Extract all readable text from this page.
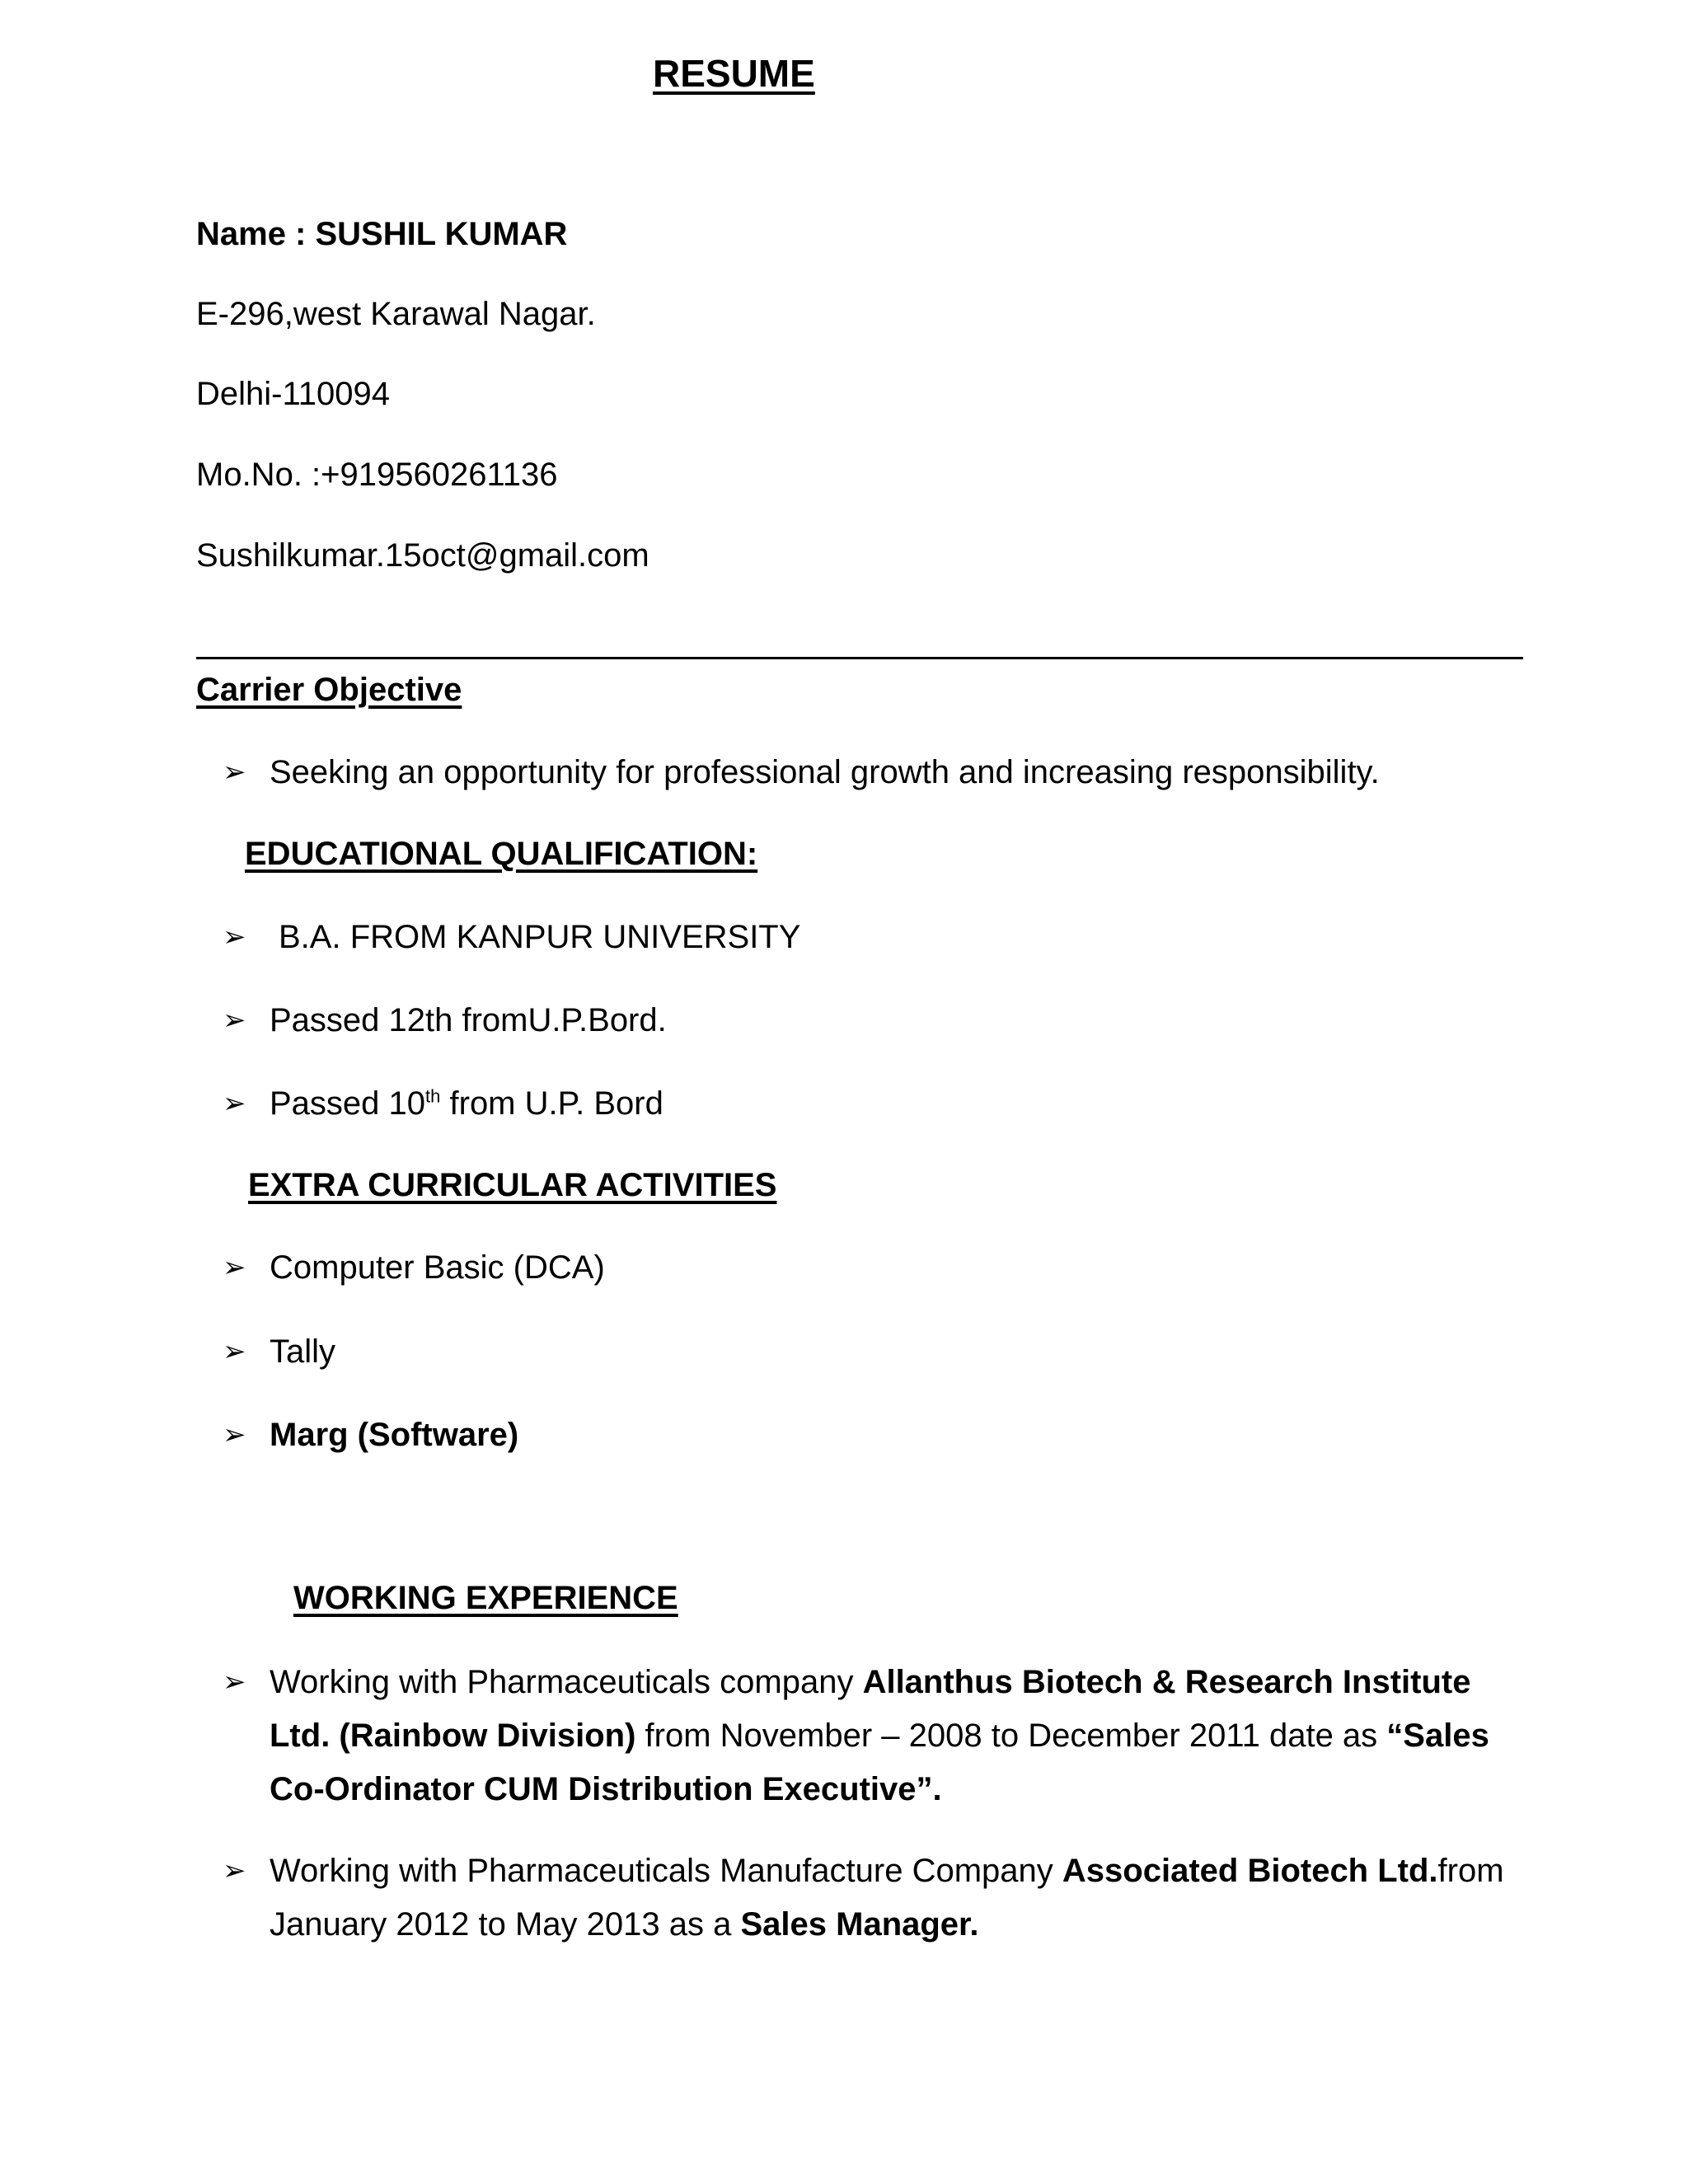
RESUME
Name : SUSHIL KUMAR
E-296,west Karawal Nagar.
Delhi-110094
Mo.No. :+919560261136
Sushilkumar.15oct@gmail.com
Carrier Objective
➢ Seeking an opportunity for professional growth and increasing responsibility.
EDUCATIONAL QUALIFICATION:
➢ B.A. FROM KANPUR UNIVERSITY
➢ Passed 12th fromU.P.Bord.
➢ Passed 10th from U.P. Bord
EXTRA CURRICULAR ACTIVITIES
➢ Computer Basic (DCA)
➢ Tally
➢ Marg (Software)
WORKING EXPERIENCE
➢ Working with Pharmaceuticals company Allanthus Biotech & Research Institute Ltd. (Rainbow Division) from November – 2008 to December 2011 date as “Sales Co-Ordinator CUM Distribution Executive”.
➢ Working with Pharmaceuticals Manufacture Company Associated Biotech Ltd.from January 2012 to May 2013 as a Sales Manager.
